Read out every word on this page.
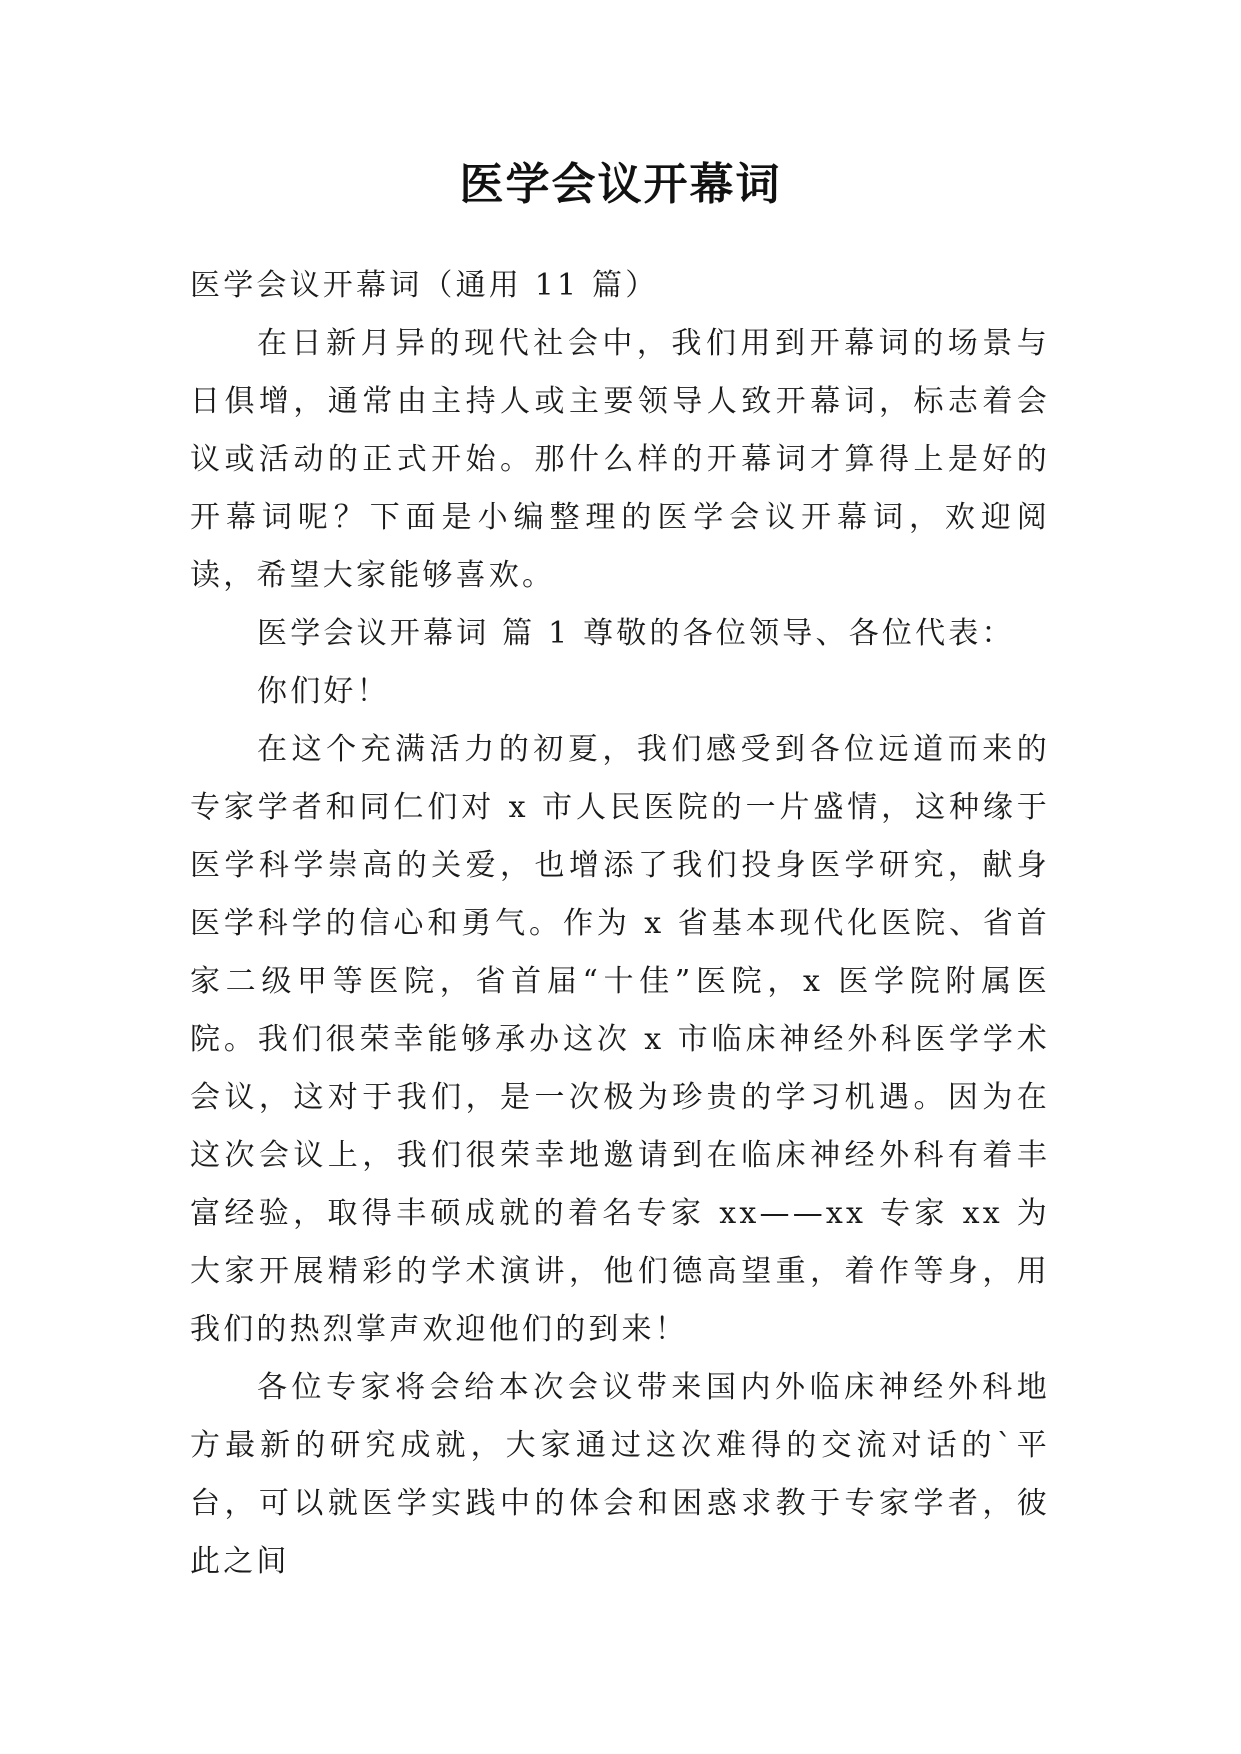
医学会议开幕词

医学会议开幕词（通用 11 篇）

在日新月异的现代社会中，我们用到开幕词的场景与日俱增，通常由主持人或主要领导人致开幕词，标志着会议或活动的正式开始。那什么样的开幕词才算得上是好的开幕词呢？下面是小编整理的医学会议开幕词，欢迎阅读，希望大家能够喜欢。

医学会议开幕词 篇 1 尊敬的各位领导、各位代表：

你们好！

在这个充满活力的初夏，我们感受到各位远道而来的专家学者和同仁们对 x 市人民医院的一片盛情，这种缘于医学科学崇高的关爱，也增添了我们投身医学研究，献身医学科学的信心和勇气。作为 x 省基本现代化医院、省首家二级甲等医院，省首届“十佳”医院，x 医学院附属医院。我们很荣幸能够承办这次 x 市临床神经外科医学学术会议，这对于我们，是一次极为珍贵的学习机遇。因为在这次会议上，我们很荣幸地邀请到在临床神经外科有着丰富经验，取得丰硕成就的着名专家 xx——xx 专家 xx 为大家开展精彩的学术演讲，他们德高望重，着作等身，用我们的热烈掌声欢迎他们的到来！

各位专家将会给本次会议带来国内外临床神经外科地方最新的研究成就，大家通过这次难得的交流对话的`平台，可以就医学实践中的体会和困惑求教于专家学者，彼此之间
